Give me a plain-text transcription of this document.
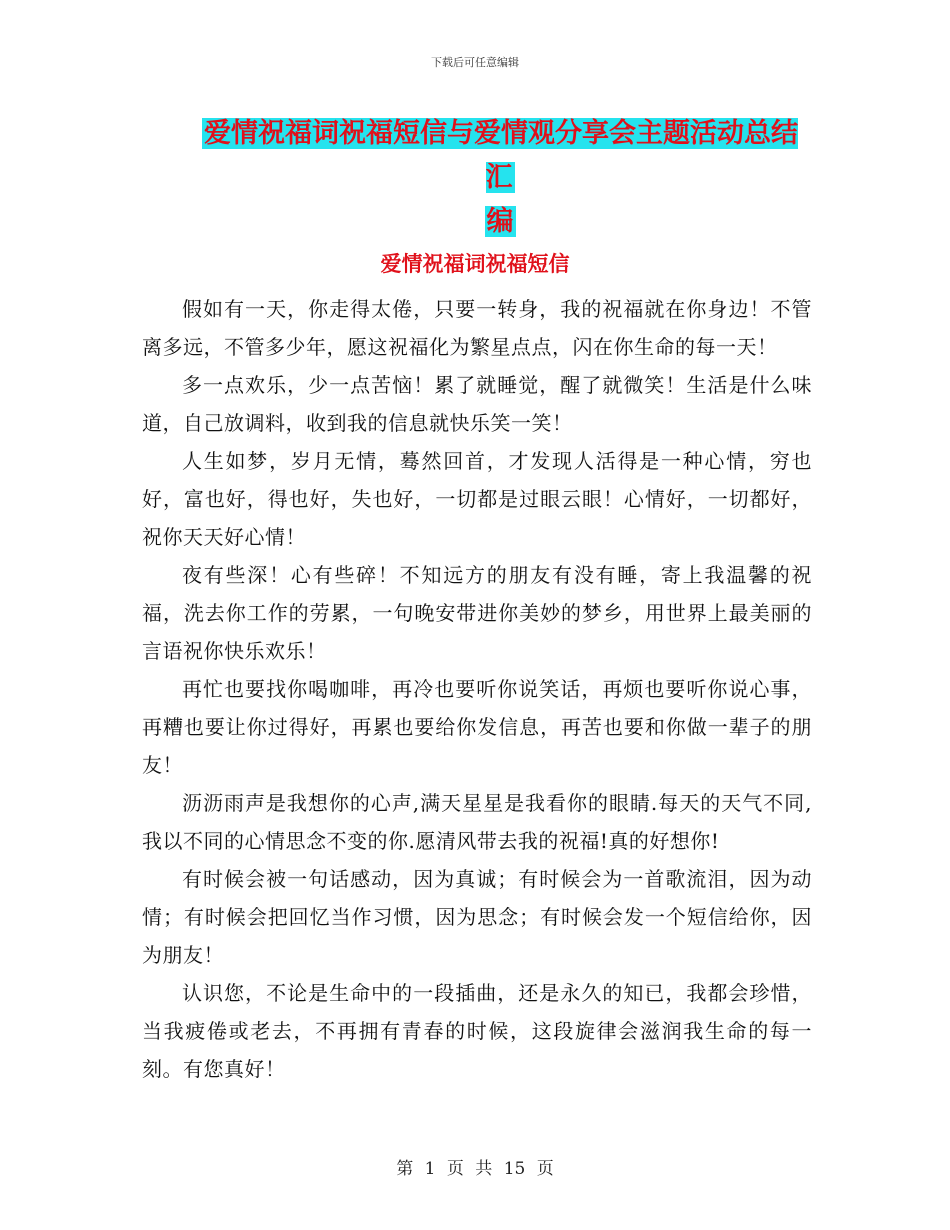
下载后可任意编辑
爱情祝福词祝福短信与爱情观分享会主题活动总结汇
编
爱情祝福词祝福短信

假如有一天，你走得太倦，只要一转身，我的祝福就在你身边！不管离多远，不管多少年，愿这祝福化为繁星点点，闪在你生命的每一天！

多一点欢乐，少一点苦恼！累了就睡觉，醒了就微笑！生活是什么味道，自己放调料，收到我的信息就快乐笑一笑！

人生如梦，岁月无情，蓦然回首，才发现人活得是一种心情，穷也好，富也好，得也好，失也好，一切都是过眼云眼！心情好，一切都好，祝你天天好心情！

夜有些深！心有些碎！不知远方的朋友有没有睡，寄上我温馨的祝福，洗去你工作的劳累，一句晚安带进你美妙的梦乡，用世界上最美丽的言语祝你快乐欢乐！

再忙也要找你喝咖啡，再冷也要听你说笑话，再烦也要听你说心事，再糟也要让你过得好，再累也要给你发信息，再苦也要和你做一辈子的朋友！

沥沥雨声是我想你的心声,满天星星是我看你的眼睛.每天的天气不同,我以不同的心情思念不变的你.愿清风带去我的祝福!真的好想你!

有时候会被一句话感动，因为真诚；有时候会为一首歌流泪，因为动情；有时候会把回忆当作习惯，因为思念；有时候会发一个短信给你，因为朋友！

认识您，不论是生命中的一段插曲，还是永久的知已，我都会珍惜，当我疲倦或老去，不再拥有青春的时候，这段旋律会滋润我生命的每一刻。有您真好！

第 1 页 共 15 页
